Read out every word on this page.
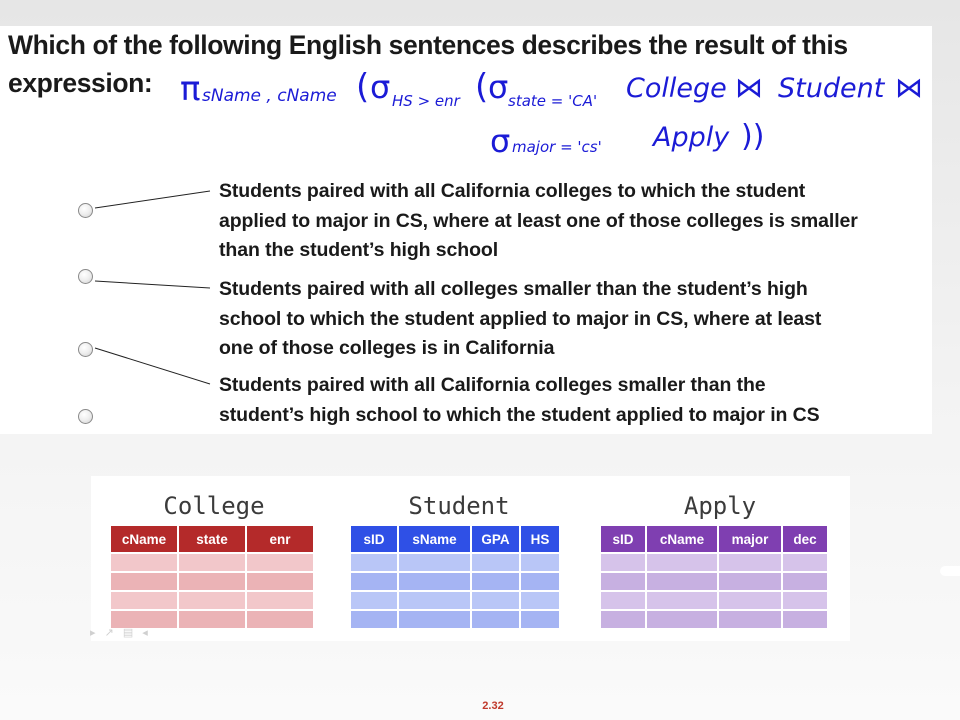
Which of the following English sentences describes the result of this
expression: π sName , cName ( σ HS > enr ( σ state = 'CA' College ⋈ Student ⋈
σ major = 'cs' Apply ))
Students paired with all California colleges to which the student
applied to major in CS, where at least one of those colleges is smaller
than the student’s high school
Students paired with all colleges smaller than the student’s high
school to which the student applied to major in CS, where at least
one of those colleges is in California
Students paired with all California colleges smaller than the
student’s high school to which the student applied to major in CS
College
cName	state	enr

Student
sID	sName	GPA	HS

Apply
sID	cName	major	dec

▸ ↗ ▤ ◂
2.32
